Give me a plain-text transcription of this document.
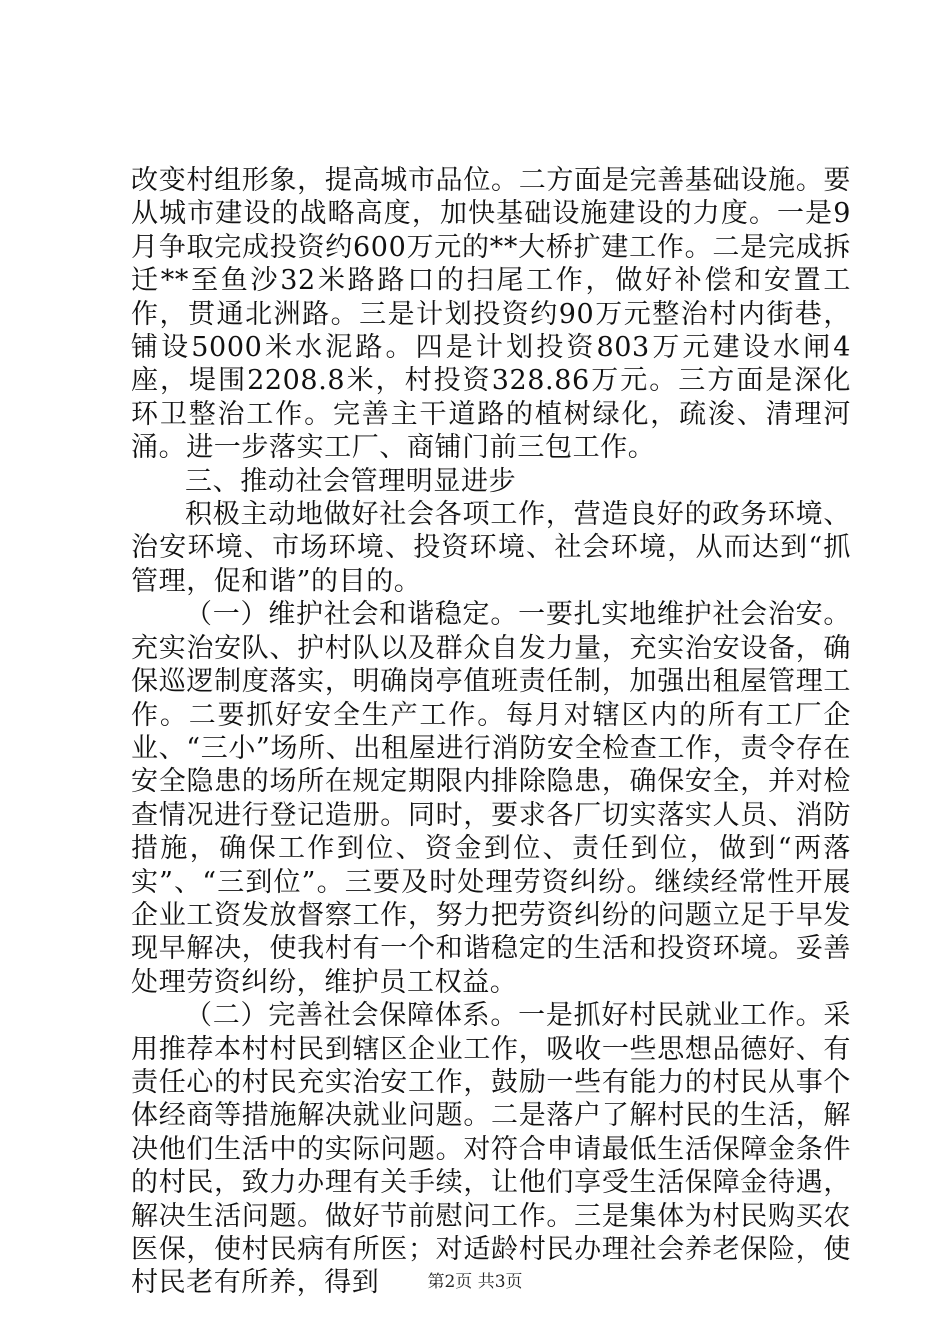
改变村组形象，提高城市品位。二方面是完善基础设施。要从城市建设的战略高度，加快基础设施建设的力度。一是9月争取完成投资约600万元的**大桥扩建工作。二是完成拆迁**至鱼沙32米路路口的扫尾工作，做好补偿和安置工作，贯通北洲路。三是计划投资约90万元整治村内街巷，铺设5000米水泥路。四是计划投资803万元建设水闸4座，堤围2208.8米，村投资328.86万元。三方面是深化环卫整治工作。完善主干道路的植树绿化，疏浚、清理河涌。进一步落实工厂、商铺门前三包工作。

三、推动社会管理明显进步

积极主动地做好社会各项工作，营造良好的政务环境、治安环境、市场环境、投资环境、社会环境，从而达到“抓管理，促和谐”的目的。

（一）维护社会和谐稳定。一要扎实地维护社会治安。充实治安队、护村队以及群众自发力量，充实治安设备，确保巡逻制度落实，明确岗亭值班责任制，加强出租屋管理工作。二要抓好安全生产工作。每月对辖区内的所有工厂企业、“三小”场所、出租屋进行消防安全检查工作，责令存在安全隐患的场所在规定期限内排除隐患，确保安全，并对检查情况进行登记造册。同时，要求各厂切实落实人员、消防措施，确保工作到位、资金到位、责任到位，做到“两落实”、“三到位”。三要及时处理劳资纠纷。继续经常性开展企业工资发放督察工作，努力把劳资纠纷的问题立足于早发现早解决，使我村有一个和谐稳定的生活和投资环境。妥善处理劳资纠纷，维护员工权益。

（二）完善社会保障体系。一是抓好村民就业工作。采用推荐本村村民到辖区企业工作，吸收一些思想品德好、有责任心的村民充实治安工作，鼓励一些有能力的村民从事个体经商等措施解决就业问题。二是落户了解村民的生活，解决他们生活中的实际问题。对符合申请最低生活保障金条件的村民，致力办理有关手续，让他们享受生活保障金待遇，解决生活问题。做好节前慰问工作。三是集体为村民购买农医保，使村民病有所医；对适龄村民办理社会养老保险，使村民老有所养，得到	第2页 共3页
